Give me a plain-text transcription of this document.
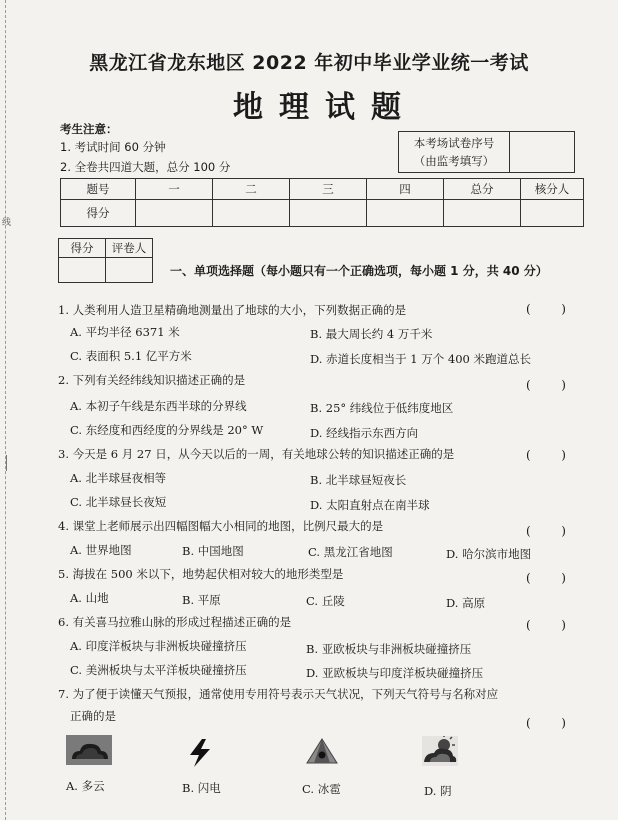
线
黑龙江省龙东地区 2022 年初中毕业学业统一考试
地理试题
考生注意：
1. 考试时间 60 分钟
2. 全卷共四道大题，总分 100 分
本考场试卷序号
（由监考填写）

题号	一	二	三	四	总分	核分人
得分						
得分	评卷人

一、单项选择题（每小题只有一个正确选项，每小题 1 分，共 40 分）
1. 人类利用人造卫星精确地测量出了地球的大小，下列数据正确的是	(        )
A. 平均半径 6371 米	B. 最大周长约 4 万千米
C. 表面积 5.1 亿平方米	D. 赤道长度相当于 1 万个 400 米跑道总长
2. 下列有关经纬线知识描述正确的是	(        )
A. 本初子午线是东西半球的分界线	B. 25° 纬线位于低纬度地区
C. 东经度和西经度的分界线是 20° W	D. 经线指示东西方向
3. 今天是 6 月 27 日，从今天以后的一周，有关地球公转的知识描述正确的是	(        )
A. 北半球昼夜相等	B. 北半球昼短夜长
C. 北半球昼长夜短	D. 太阳直射点在南半球
4. 课堂上老师展示出四幅图幅大小相同的地图，比例尺最大的是	(        )
A. 世界地图	B. 中国地图	C. 黑龙江省地图	D. 哈尔滨市地图
5. 海拔在 500 米以下，地势起伏相对较大的地形类型是	(        )
A. 山地	B. 平原	C. 丘陵	D. 高原
6. 有关喜马拉雅山脉的形成过程描述正确的是	(        )
A. 印度洋板块与非洲板块碰撞挤压	B. 亚欧板块与非洲板块碰撞挤压
C. 美洲板块与太平洋板块碰撞挤压	D. 亚欧板块与印度洋板块碰撞挤压
7. 为了便于读懂天气预报，通常使用专用符号表示天气状况，下列天气符号与名称对应
正确的是	(        )
A. 多云	B. 闪电	C. 冰雹	D. 阴
